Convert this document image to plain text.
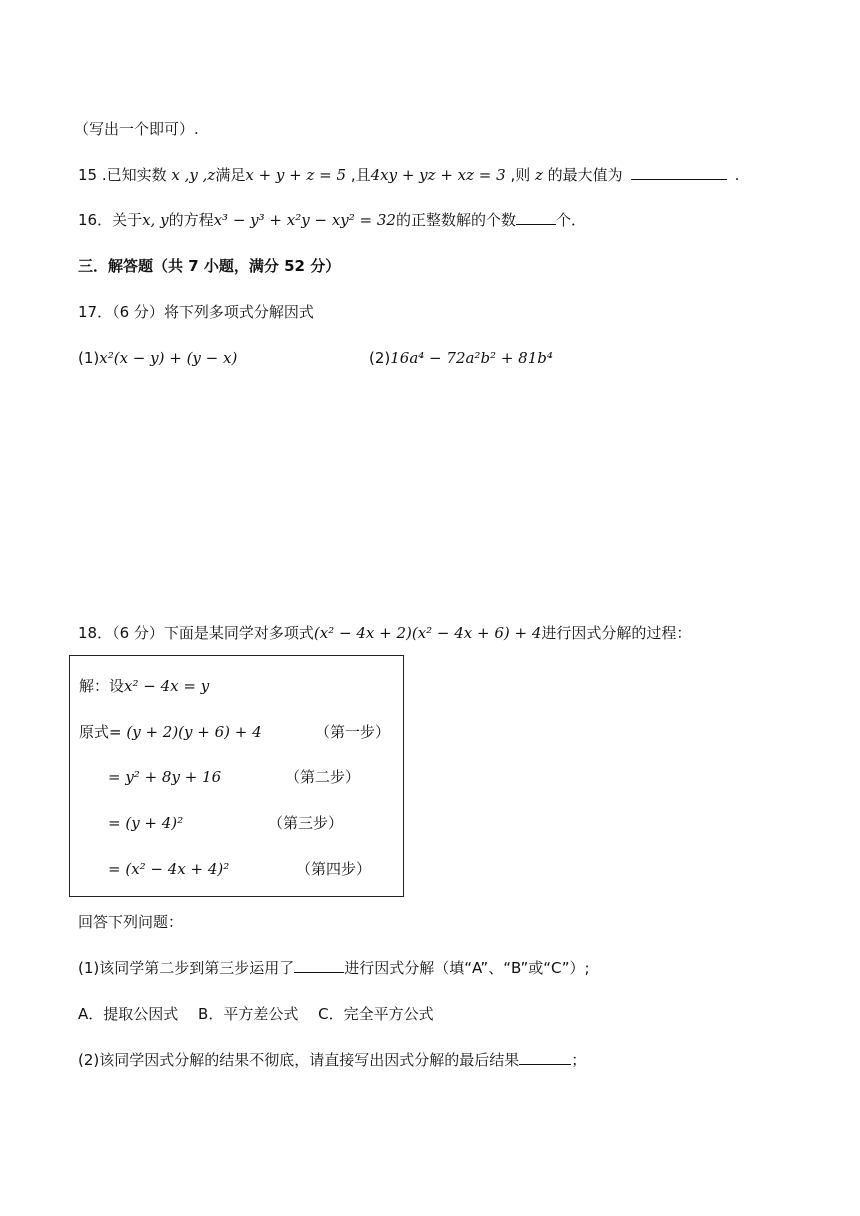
（写出一个即可）.
15 .已知实数 x ,y ,z满足x + y + z = 5 ,且4xy + yz + xz = 3 ,则 z 的最大值为	.
16．关于x, y的方程x³ − y³ + x²y − xy² = 32的正整数解的个数	个．
三．解答题（共 7 小题，满分 52 分）
17．（6 分）将下列多项式分解因式
(1)x²(x − y) + (y − x)	(2)16a⁴ − 72a²b² + 81b⁴
18．（6 分）下面是某同学对多项式(x² − 4x + 2)(x² − 4x + 6) + 4进行因式分解的过程：
解：设x² − 4x = y
原式= (y + 2)(y + 6) + 4	（第一步）
= y² + 8y + 16	（第二步）
= (y + 4)²	（第三步）
= (x² − 4x + 4)²	（第四步）
回答下列问题：
(1)该同学第二步到第三步运用了	进行因式分解（填“A”、“B”或“C”）;
A．提取公因式　 B．平方差公式　 C．完全平方公式
(2)该同学因式分解的结果不彻底，请直接写出因式分解的最后结果	；
